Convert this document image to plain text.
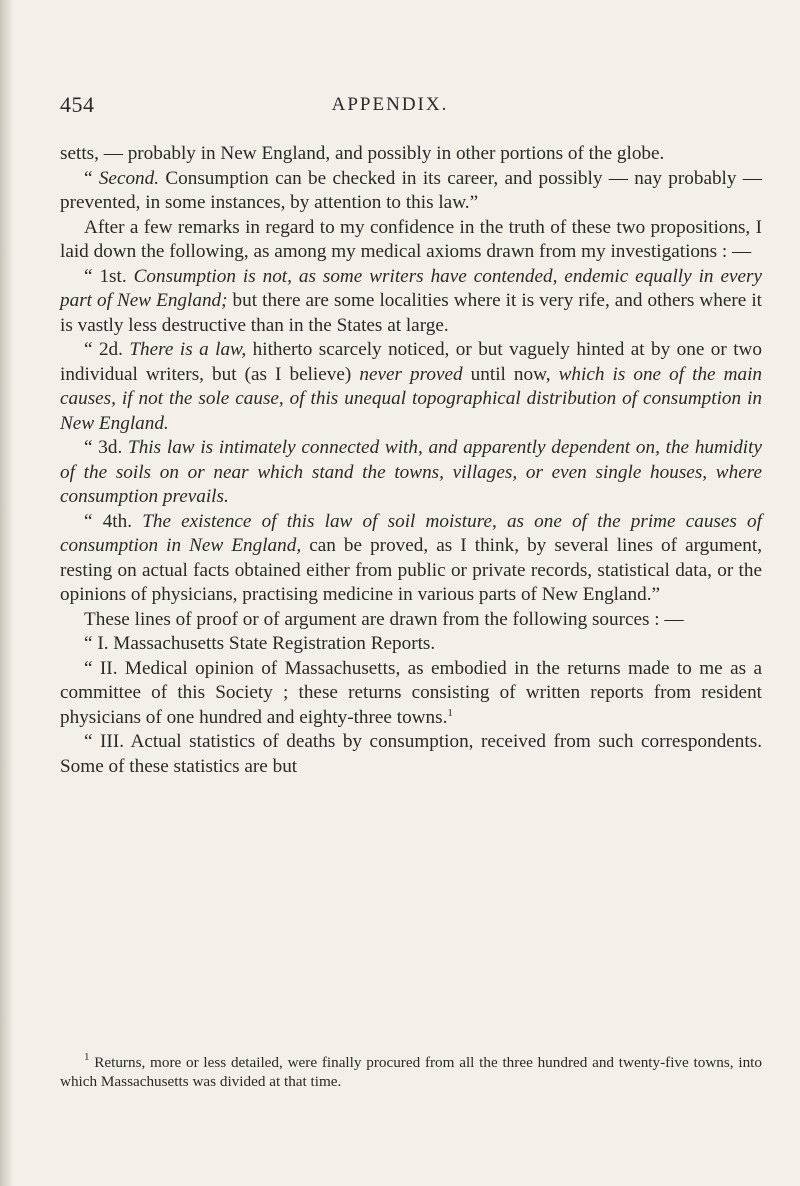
454	APPENDIX.

setts, — probably in New England, and possibly in other portions of the globe.

“ Second. Consumption can be checked in its career, and possibly — nay probably — prevented, in some instances, by attention to this law.”

After a few remarks in regard to my confidence in the truth of these two propositions, I laid down the following, as among my medical axioms drawn from my investigations : —

“ 1st. Consumption is not, as some writers have contended, endemic equally in every part of New England; but there are some localities where it is very rife, and others where it is vastly less destructive than in the States at large.

“ 2d. There is a law, hitherto scarcely noticed, or but vaguely hinted at by one or two individual writers, but (as I believe) never proved until now, which is one of the main causes, if not the sole cause, of this unequal topographical distribution of consumption in New England.

“ 3d. This law is intimately connected with, and apparently dependent on, the humidity of the soils on or near which stand the towns, villages, or even single houses, where consumption prevails.

“ 4th. The existence of this law of soil moisture, as one of the prime causes of consumption in New England, can be proved, as I think, by several lines of argument, resting on actual facts obtained either from public or private records, statistical data, or the opinions of physicians, practising medicine in various parts of New England.”

These lines of proof or of argument are drawn from the following sources : —

“ I. Massachusetts State Registration Reports.

“ II. Medical opinion of Massachusetts, as embodied in the returns made to me as a committee of this Society ; these returns consisting of written reports from resident physicians of one hundred and eighty-three towns.$^1$

“ III. Actual statistics of deaths by consumption, received from such correspondents. Some of these statistics are but

$^1$ Returns, more or less detailed, were finally procured from all the three hundred and twenty-five towns, into which Massachusetts was divided at that time.
